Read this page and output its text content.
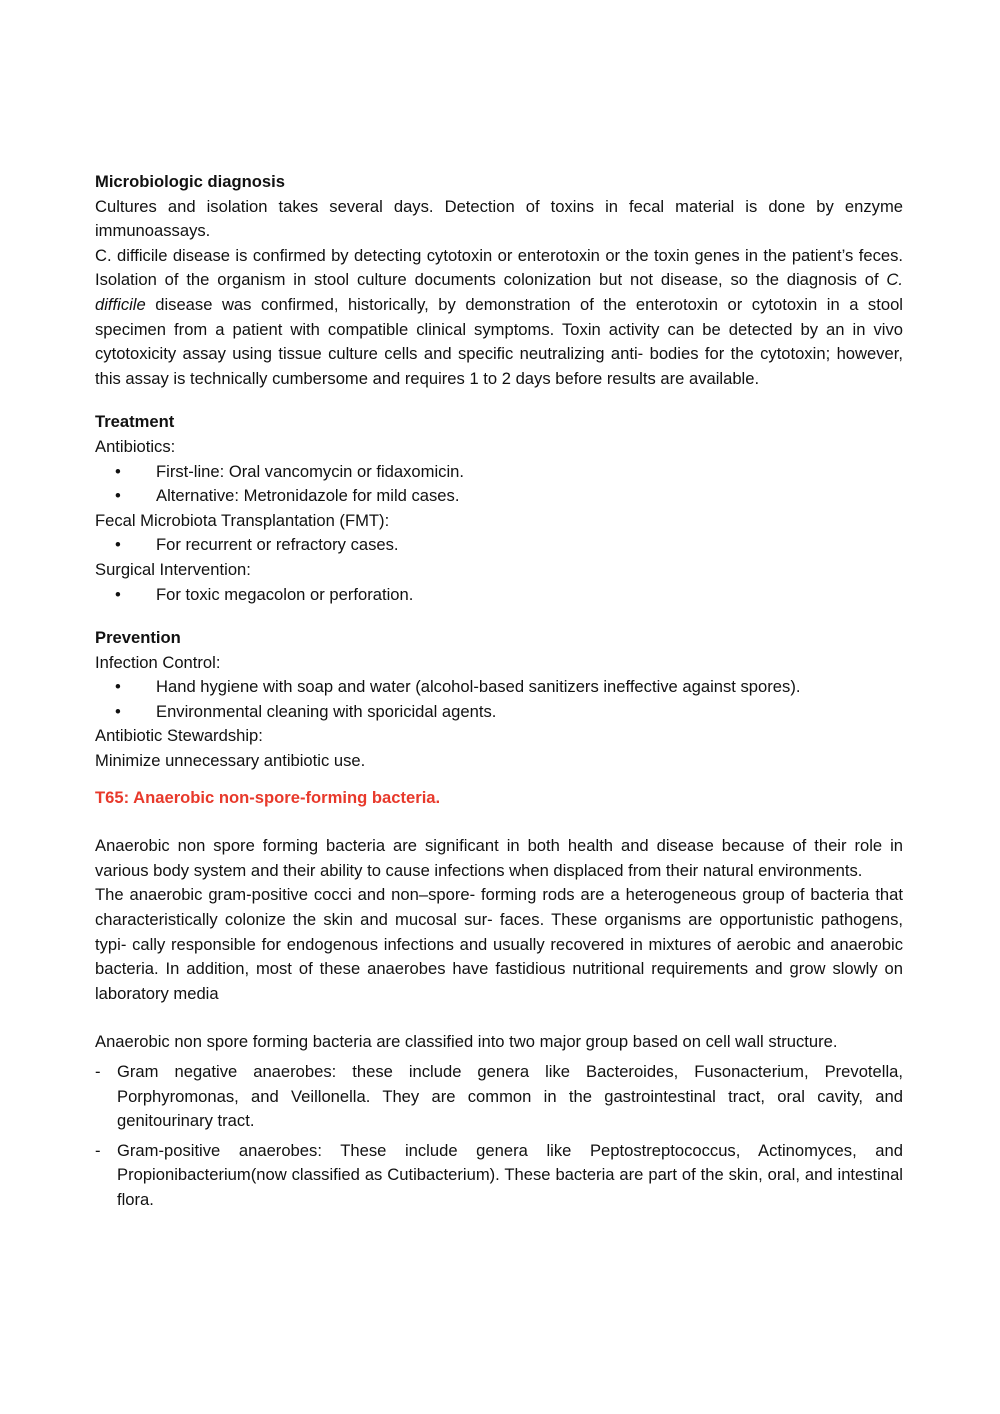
Microbiologic diagnosis

Cultures and isolation takes several days. Detection of toxins in fecal material is done by enzyme immunoassays.

C. difficile disease is confirmed by detecting cytotoxin or enterotoxin or the toxin genes in the patient’s feces. Isolation of the organism in stool culture documents colonization but not disease, so the diagnosis of C. difficile disease was confirmed, historically, by demonstration of the enterotoxin or cytotoxin in a stool specimen from a patient with compatible clinical symptoms. Toxin activity can be detected by an in vivo cytotoxicity assay using tissue culture cells and specific neutralizing anti- bodies for the cytotoxin; however, this assay is technically cumbersome and requires 1 to 2 days before results are available.

Treatment

Antibiotics:

• First-line: Oral vancomycin or fidaxomicin.
• Alternative: Metronidazole for mild cases.

Fecal Microbiota Transplantation (FMT):

• For recurrent or refractory cases.

Surgical Intervention:

• For toxic megacolon or perforation.

Prevention

Infection Control:

• Hand hygiene with soap and water (alcohol-based sanitizers ineffective against spores).
• Environmental cleaning with sporicidal agents.

Antibiotic Stewardship:

Minimize unnecessary antibiotic use.

T65: Anaerobic non-spore-forming bacteria.

Anaerobic non spore forming bacteria are significant in both health and disease because of their role in various body system and their ability to cause infections when displaced from their natural environments.

The anaerobic gram-positive cocci and non–spore- forming rods are a heterogeneous group of bacteria that characteristically colonize the skin and mucosal sur- faces. These organisms are opportunistic pathogens, typi- cally responsible for endogenous infections and usually recovered in mixtures of aerobic and anaerobic bacteria. In addition, most of these anaerobes have fastidious nutritional requirements and grow slowly on laboratory media

Anaerobic non spore forming bacteria are classified into two major group based on cell wall structure.

- Gram negative anaerobes: these include genera like Bacteroides, Fusonacterium, Prevotella, Porphyromonas, and Veillonella. They are common in the gastrointestinal tract, oral cavity, and genitourinary tract.
- Gram-positive anaerobes: These include genera like Peptostreptococcus, Actinomyces, and Propionibacterium(now classified as Cutibacterium). These bacteria are part of the skin, oral, and intestinal flora.
